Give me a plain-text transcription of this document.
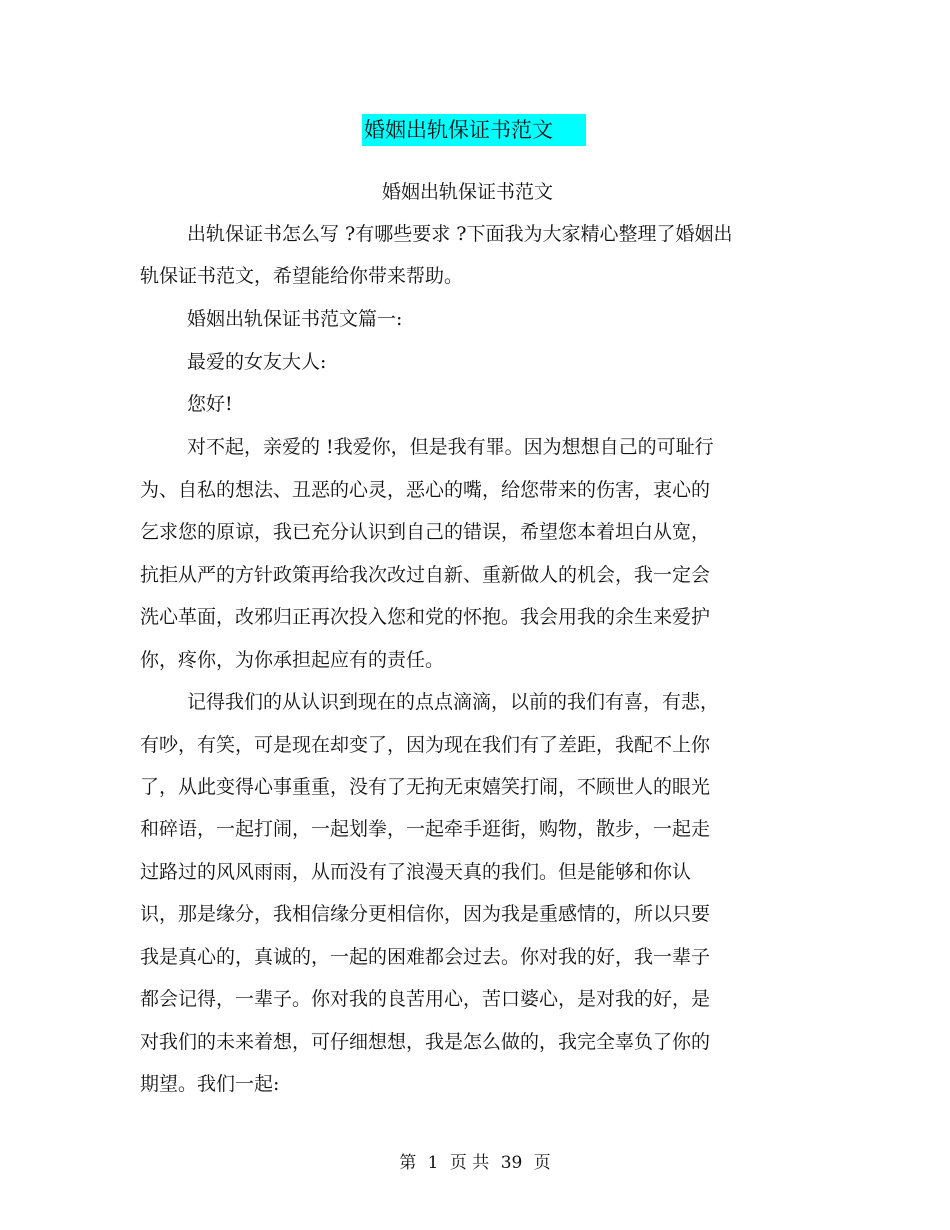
婚姻出轨保证书范文
婚姻出轨保证书范文
出轨保证书怎么写 ?有哪些要求 ?下面我为大家精心整理了婚姻出
轨保证书范文，希望能给你带来帮助。
婚姻出轨保证书范文篇一:
最爱的女友大人:
您好!
对不起，亲爱的 !我爱你，但是我有罪。因为想想自己的可耻行
为、自私的想法、丑恶的心灵，恶心的嘴，给您带来的伤害，衷心的
乞求您的原谅，我已充分认识到自己的错误，希望您本着坦白从宽，
抗拒从严的方针政策再给我次改过自新、重新做人的机会，我一定会
洗心革面，改邪归正再次投入您和党的怀抱。我会用我的余生来爱护
你，疼你，为你承担起应有的责任。
记得我们的从认识到现在的点点滴滴，以前的我们有喜，有悲，
有吵，有笑，可是现在却变了，因为现在我们有了差距，我配不上你
了，从此变得心事重重，没有了无拘无束嬉笑打闹，不顾世人的眼光
和碎语，一起打闹，一起划拳，一起牵手逛街，购物，散步，一起走
过路过的风风雨雨，从而没有了浪漫天真的我们。但是能够和你认
识，那是缘分，我相信缘分更相信你，因为我是重感情的，所以只要
我是真心的，真诚的，一起的困难都会过去。你对我的好，我一辈子
都会记得，一辈子。你对我的良苦用心，苦口婆心，是对我的好，是
对我们的未来着想，可仔细想想，我是怎么做的，我完全辜负了你的
期望。我们一起:
第 1 页 共 39 页
